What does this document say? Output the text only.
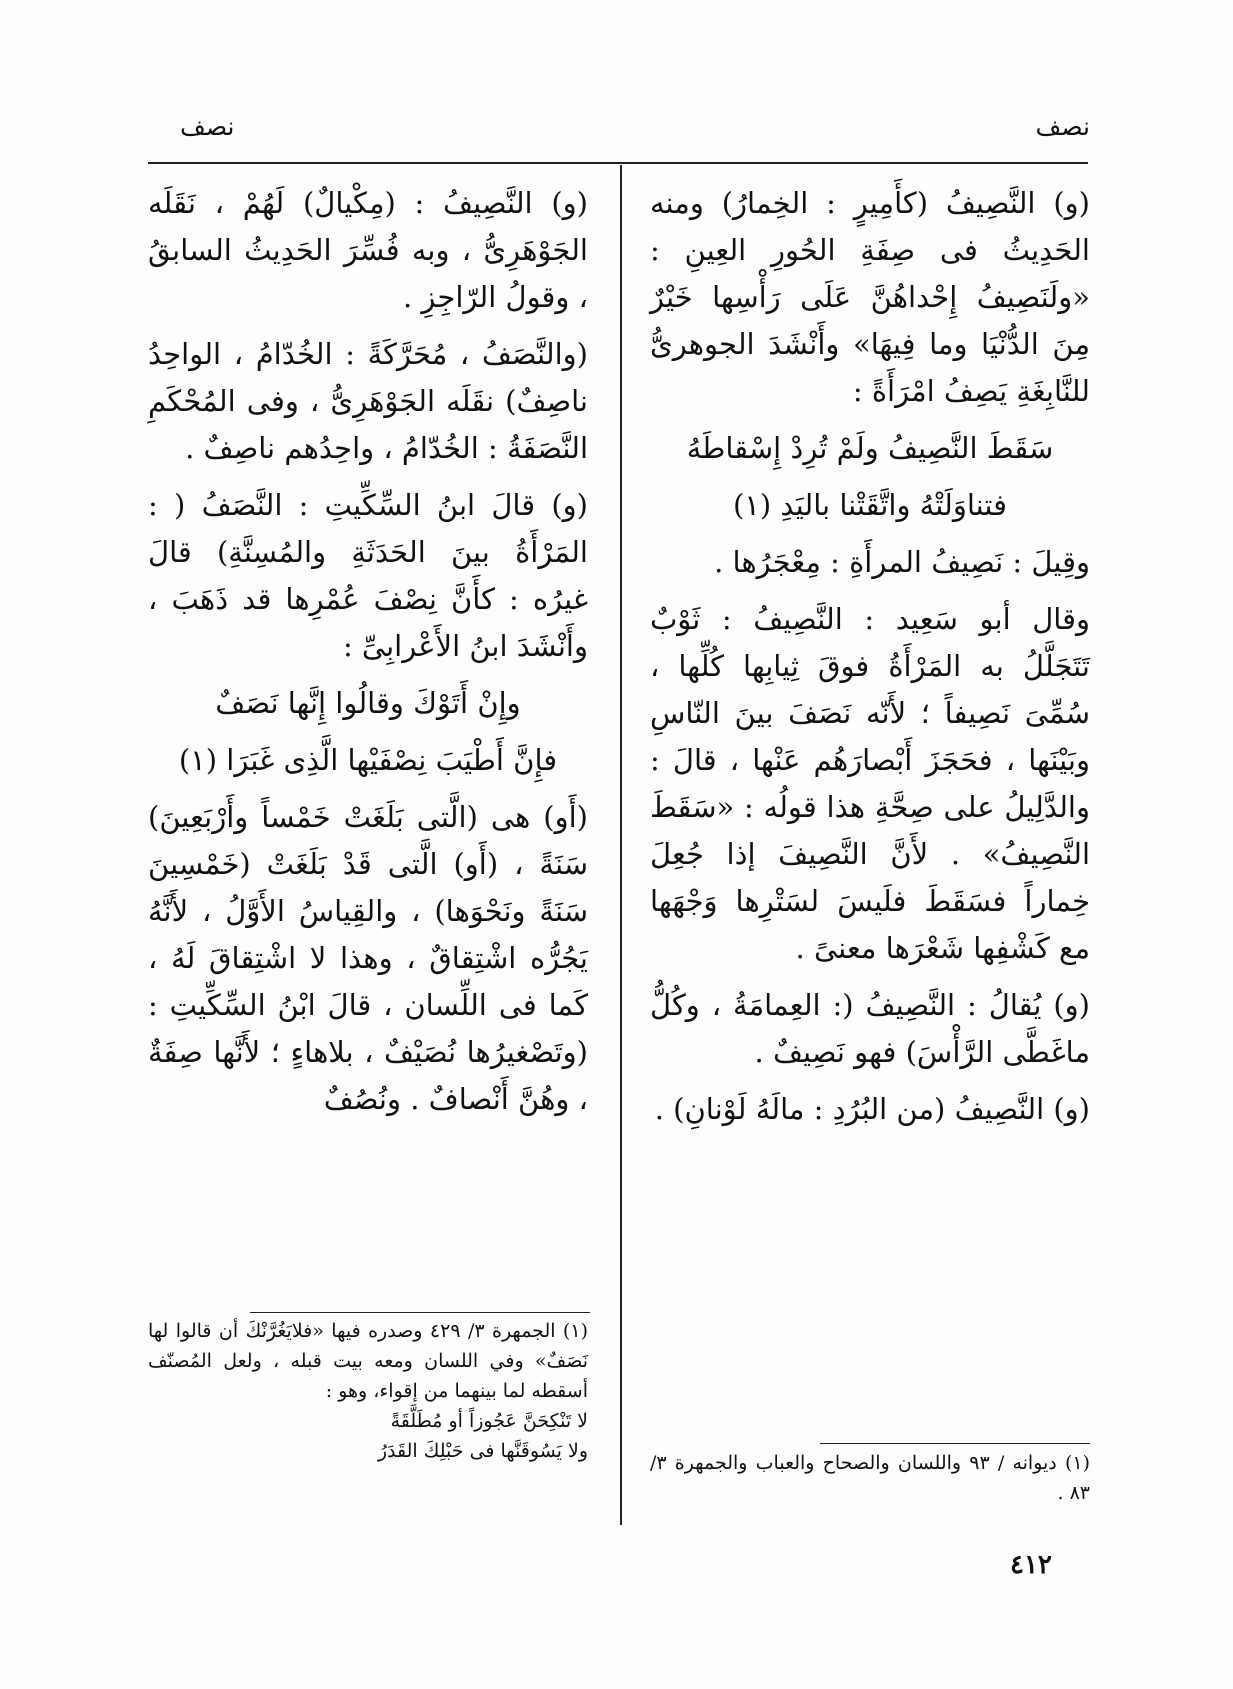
نصف
نصف

(و) النَّصِيفُ (كأَمِيرٍ : الخِمارُ) ومنه الحَدِيثُ فى صِفَةِ الحُورِ العِينِ : «ولَنَصِيفُ إِحْداهُنَّ عَلَى رَأْسِها خَيْرٌ مِنَ الدُّنْيَا وما فِيهَا» وأَنْشَدَ الجوهرىُّ للنَّابِغَةِ يَصِفُ امْرَأَةً :

سَقَطَ النَّصِيفُ ولَمْ تُرِدْ إِسْقاطَهُ

فتناوَلَتْهُ واتَّقَتْنا باليَدِ (١)

وقِيلَ : نَصِيفُ المرأَةِ : مِعْجَرُها .

وقال أبو سَعِيد : النَّصِيفُ : ثَوْبٌ تَتَجَلَّلُ به المَرْأَةُ فوقَ ثِيابِها كُلِّها ، سُمِّىَ نَصِيفاً ؛ لأَنّه نَصَفَ بينَ النّاسِ وبَيْنَها ، فحَجَزَ أَبْصارَهُم عَنْها ، قالَ : والدَّلِيلُ على صِحَّةِ هذا قولُه : «سَقَطَ النَّصِيفُ» . لأَنَّ النَّصِيفَ إذا جُعِلَ خِماراً فسَقَطَ فلَيسَ لسَتْرِها وَجْهَها مع كَشْفِها شَعْرَها معنىً .

(و) يُقالُ : النَّصِيفُ (: العِمامَةُ ، وكُلُّ ماغَطَّى الرَّأْسَ) فهو نَصِيفٌ .

(و) النَّصِيفُ (من البُرُدِ : مالَهُ لَوْنانِ) .

(و) النَّصِيفُ : (مِكْيالٌ) لَهُمْ ، نَقَلَه الجَوْهَرِىُّ ، وبه فُسِّرَ الحَدِيثُ السابقُ ، وقولُ الرّاجِزِ .

(والنَّصَفُ ، مُحَرَّكَةً : الخُدّامُ ، الواحِدُ ناصِفٌ) نقَلَه الجَوْهَرِىُّ ، وفى المُحْكَمِ النَّصَفَةُ : الخُدّامُ ، واحِدُهم ناصِفٌ .

(و) قالَ ابنُ السِّكِّيتِ : النَّصَفُ ( : المَرْأَةُ بينَ الحَدَثَةِ والمُسِنَّةِ) قالَ غيرُه : كأَنَّ نِصْفَ عُمْرِها قد ذَهَبَ ، وأَنْشَدَ ابنُ الأَعْرابِىِّ :

وإِنْ أَتَوْكَ وقالُوا إِنَّها نَصَفٌ

فإِنَّ أَطْيَبَ نِصْفَيْها الَّذِى غَبَرَا (١)

(أَو) هى (الَّتى بَلَغَتْ خَمْساً وأَرْبَعِينَ) سَنَةً ، (أَو) الَّتى قَدْ بَلَغَتْ (خَمْسِينَ سَنَةً ونَحْوَها) ، والقِياسُ الأَوَّلُ ، لأَنَّهُ يَجُرُّه اشْتِقاقٌ ، وهذا لا اشْتِقاقَ لَهُ ، كَما فى اللِّسان ، قالَ ابْنُ السِّكِّيتِ : (وتَصْغيرُها نُصَيْفٌ ، بلاهاءٍ ؛ لأَنَّها صِفَةٌ ، وهُنَّ أَنْصافٌ . ونُصُفٌ

(١) الجمهرة ٣/ ٤٢٩ وصدره فيها «فلايَغُرَّنْكَ أن قالوا لها نَصَفٌ» وفي اللسان ومعه بيت قبله ، ولعل المُصنّف أسقطه لما بينهما من إقواء، وهو :

لا تَنْكِحَنَّ عَجُوزاً أو مُطَلَّقَةً

ولا يَسُوقَنَّها فى حَبْلِكَ القَدَرُ

(١) ديوانه / ٩٣ واللسان والصحاح والعباب والجمهرة ٣/ ٨٣ .

٤١٢
